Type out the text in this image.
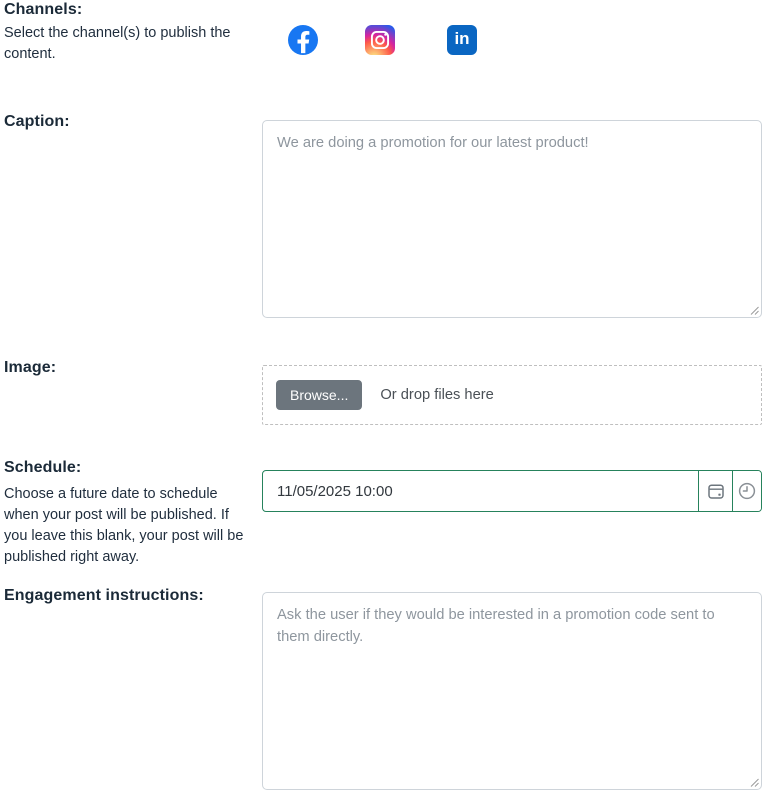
Channels:
Select the channel(s) to publish the content.
in
Caption:
We are doing a promotion for our latest product!
Image:
Browse...	Or drop files here
Schedule:
Choose a future date to schedule when your post will be published. If you leave this blank, your post will be published right away.
11/05/2025 10:00
Engagement instructions:
Ask the user if they would be interested in a promotion code sent to them directly.
